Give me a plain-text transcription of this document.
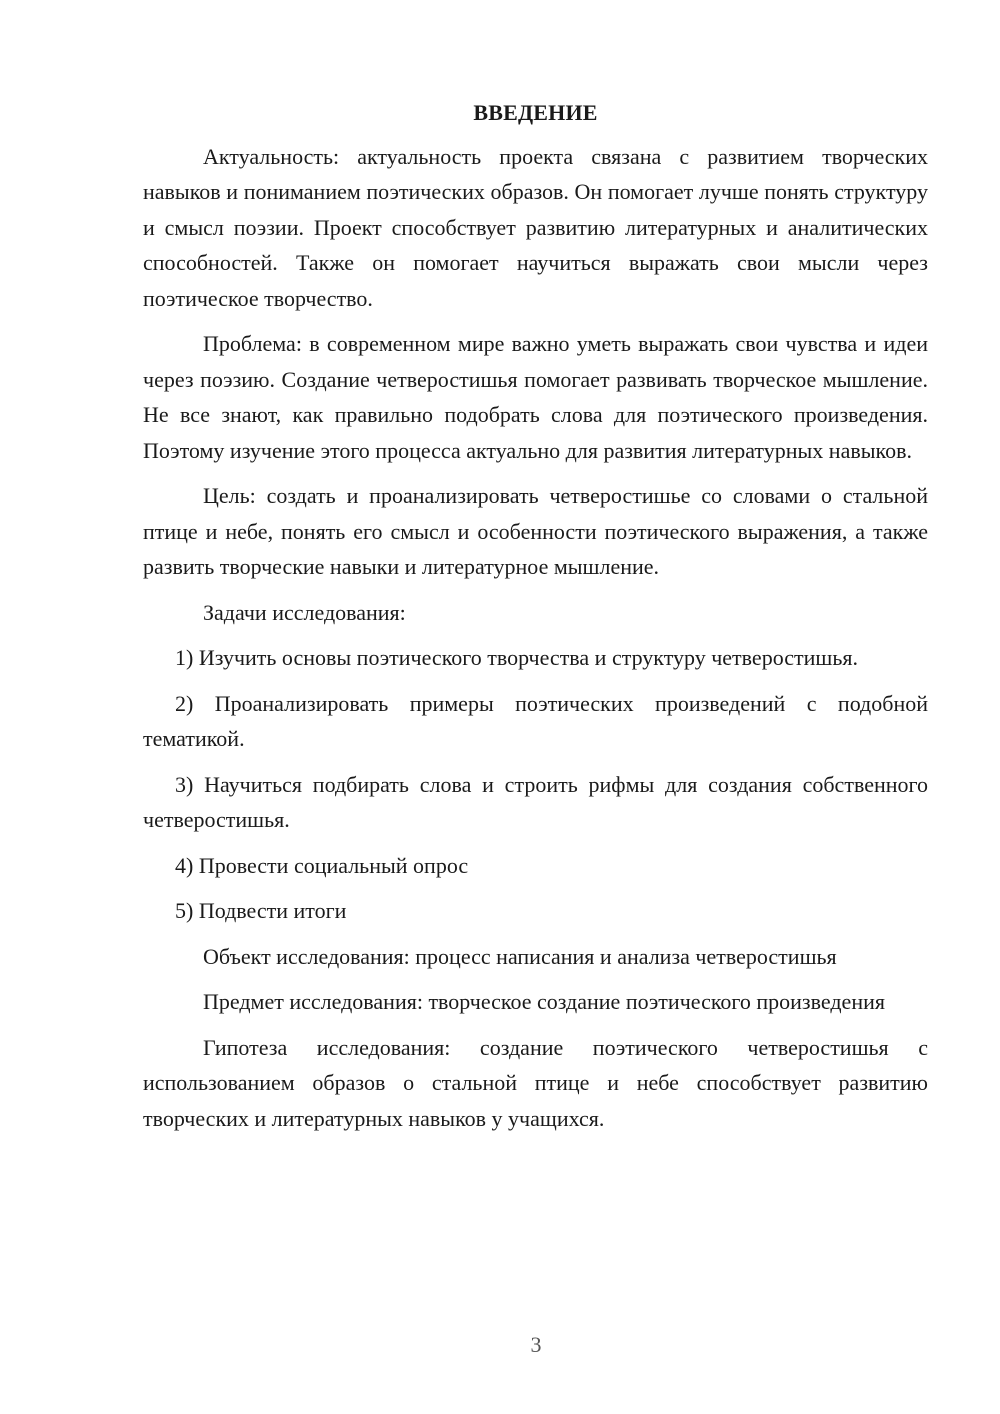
ВВЕДЕНИЕ

Актуальность: актуальность проекта связана с развитием творческих навыков и пониманием поэтических образов. Он помогает лучше понять структуру и смысл поэзии. Проект способствует развитию литературных и аналитических способностей. Также он помогает научиться выражать свои мысли через поэтическое творчество.

Проблема: в современном мире важно уметь выражать свои чувства и идеи через поэзию. Создание четверостишья помогает развивать творческое мышление. Не все знают, как правильно подобрать слова для поэтического произведения. Поэтому изучение этого процесса актуально для развития литературных навыков.

Цель: создать и проанализировать четверостишье со словами о стальной птице и небе, понять его смысл и особенности поэтического выражения, а также развить творческие навыки и литературное мышление.

Задачи исследования:

1) Изучить основы поэтического творчества и структуру четверостишья.

2) Проанализировать примеры поэтических произведений с подобной тематикой.

3) Научиться подбирать слова и строить рифмы для создания собственного четверостишья.

4) Провести социальный опрос

5) Подвести итоги

Объект исследования: процесс написания и анализа четверостишья

Предмет исследования: творческое создание поэтического произведения

Гипотеза исследования: создание поэтического четверостишья с использованием образов о стальной птице и небе способствует развитию творческих и литературных навыков у учащихся.

3
